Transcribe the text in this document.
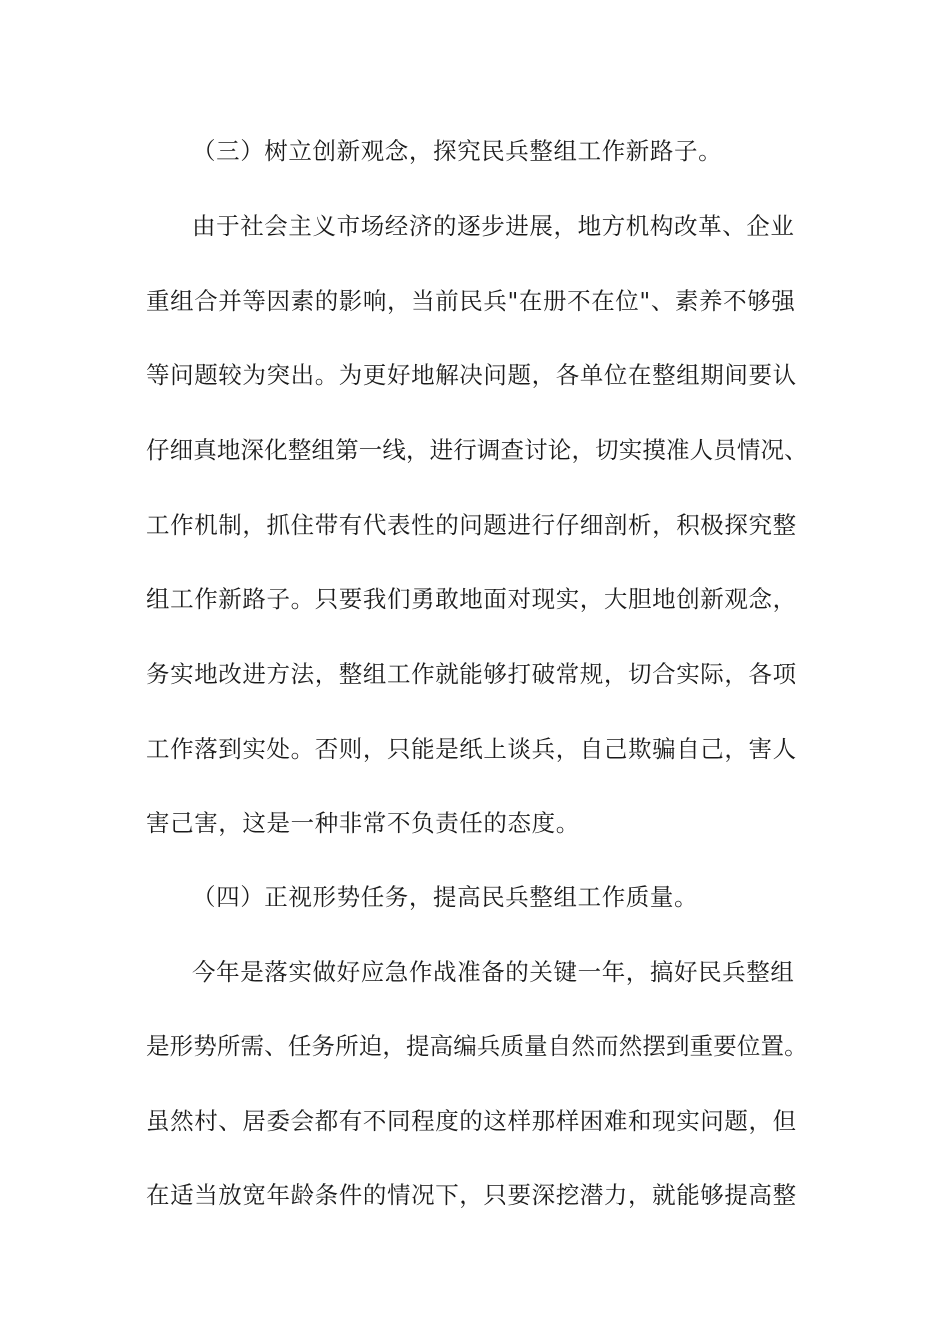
（三）树立创新观念，探究民兵整组工作新路子。
由于社会主义市场经济的逐步进展，地方机构改革、企业
重组合并等因素的影响，当前民兵"在册不在位"、素养不够强
等问题较为突出。为更好地解决问题，各单位在整组期间要认
仔细真地深化整组第一线，进行调查讨论，切实摸准人员情况、
工作机制，抓住带有代表性的问题进行仔细剖析，积极探究整
组工作新路子。只要我们勇敢地面对现实，大胆地创新观念，
务实地改进方法，整组工作就能够打破常规，切合实际，各项
工作落到实处。否则，只能是纸上谈兵，自己欺骗自己，害人
害己害，这是一种非常不负责任的态度。
（四）正视形势任务，提高民兵整组工作质量。
今年是落实做好应急作战准备的关键一年，搞好民兵整组
是形势所需、任务所迫，提高编兵质量自然而然摆到重要位置。
虽然村、居委会都有不同程度的这样那样困难和现实问题，但
在适当放宽年龄条件的情况下，只要深挖潜力，就能够提高整
